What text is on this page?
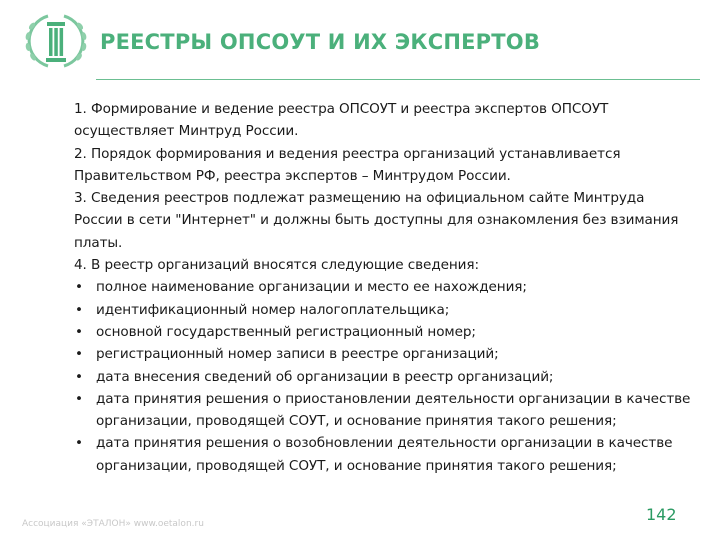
РЕЕСТРЫ ОПСОУТ И ИХ ЭКСПЕРТОВ

1. Формирование и ведение реестра ОПСОУТ и реестра экспертов ОПСОУТ осуществляет Минтруд России.

2. Порядок формирования и ведения реестра организаций устанавливается Правительством РФ, реестра экспертов – Минтрудом России.

3. Сведения реестров подлежат размещению на официальном сайте Минтруда России в сети "Интернет" и должны быть доступны для ознакомления без взимания платы.

4. В реестр организаций вносятся следующие сведения:

• полное наименование организации и место ее нахождения;
• идентификационный номер налогоплательщика;
• основной государственный регистрационный номер;
• регистрационный номер записи в реестре организаций;
• дата внесения сведений об организации в реестр организаций;
• дата принятия решения о приостановлении деятельности организации в качестве организации, проводящей СОУТ, и основание принятия такого решения;
• дата принятия решения о возобновлении деятельности организации в качестве организации, проводящей СОУТ, и основание принятия такого решения;
Ассоциация «ЭТАЛОН» www.oetalon.ru	142
